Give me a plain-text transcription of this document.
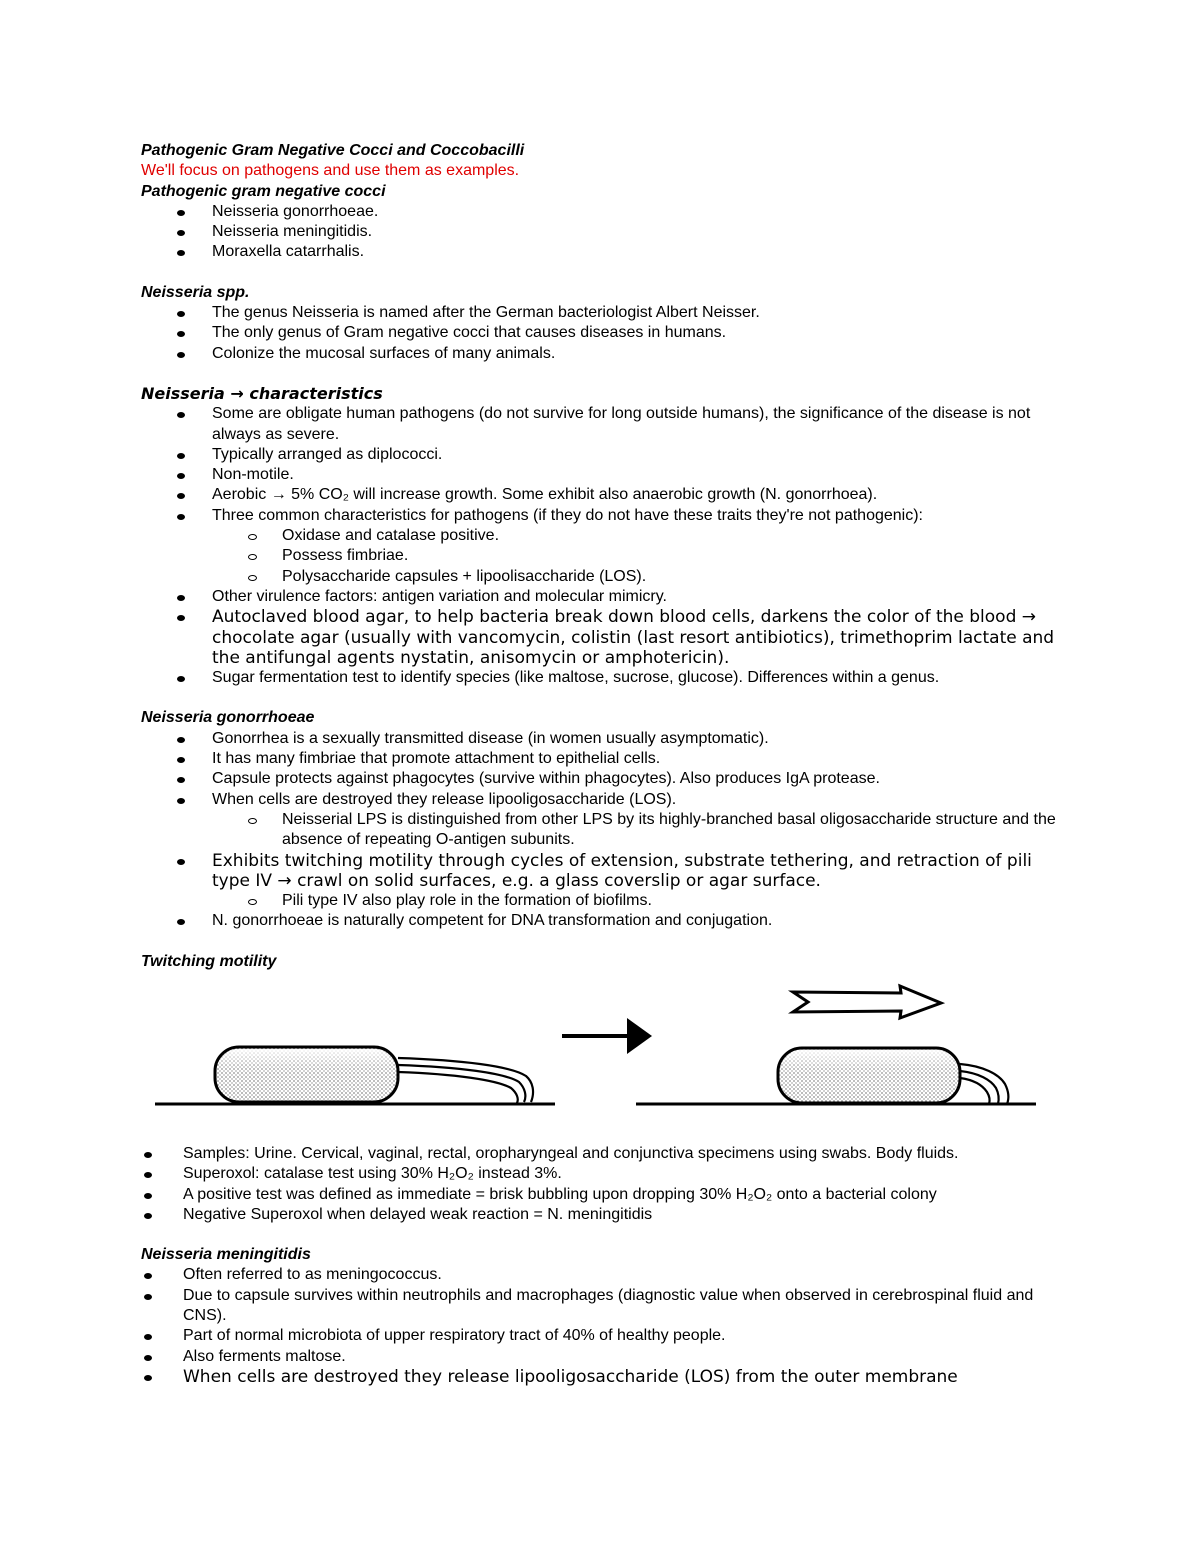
Pathogenic Gram Negative Cocci and Coccobacilli
We'll focus on pathogens and use them as examples.
Pathogenic gram negative cocci
Neisseria gonorrhoeae.
Neisseria meningitidis.
Moraxella catarrhalis.
Neisseria spp.
The genus Neisseria is named after the German bacteriologist Albert Neisser.
The only genus of Gram negative cocci that causes diseases in humans.
Colonize the mucosal surfaces of many animals.
Neisseria → characteristics
Some are obligate human pathogens (do not survive for long outside humans), the significance of the disease is not always as severe.
Typically arranged as diplococci.
Non-motile.
Aerobic → 5% CO₂ will increase growth. Some exhibit also anaerobic growth (N. gonorrhoea).
Three common characteristics for pathogens (if they do not have these traits they're not pathogenic):
Oxidase and catalase positive.
Possess fimbriae.
Polysaccharide capsules + lipoolisaccharide (LOS).
Other virulence factors: antigen variation and molecular mimicry.
Autoclaved blood agar, to help bacteria break down blood cells, darkens the color of the blood → chocolate agar (usually with vancomycin, colistin (last resort antibiotics), trimethoprim lactate and the antifungal agents nystatin, anisomycin or amphotericin).
Sugar fermentation test to identify species (like maltose, sucrose, glucose). Differences within a genus.
Neisseria gonorrhoeae
Gonorrhea is a sexually transmitted disease (in women usually asymptomatic).
It has many fimbriae that promote attachment to epithelial cells.
Capsule protects against phagocytes (survive within phagocytes). Also produces IgA protease.
When cells are destroyed they release lipooligosaccharide (LOS).
Neisserial LPS is distinguished from other LPS by its highly-branched basal oligosaccharide structure and the absence of repeating O-antigen subunits.
Exhibits twitching motility through cycles of extension, substrate tethering, and retraction of pili type IV → crawl on solid surfaces, e.g. a glass coverslip or agar surface.
Pili type IV also play role in the formation of biofilms.
N. gonorrhoeae is naturally competent for DNA transformation and conjugation.
Twitching motility
Samples: Urine. Cervical, vaginal, rectal, oropharyngeal and conjunctiva specimens using swabs. Body fluids.
Superoxol: catalase test using 30% H₂O₂ instead 3%.
A positive test was defined as immediate = brisk bubbling upon dropping 30% H₂O₂ onto a bacterial colony
Negative Superoxol when delayed weak reaction = N. meningitidis
Neisseria meningitidis
Often referred to as meningococcus.
Due to capsule survives within neutrophils and macrophages (diagnostic value when observed in cerebrospinal fluid and CNS).
Part of normal microbiota of upper respiratory tract of 40% of healthy people.
Also ferments maltose.
When cells are destroyed they release lipooligosaccharide (LOS) from the outer membrane
